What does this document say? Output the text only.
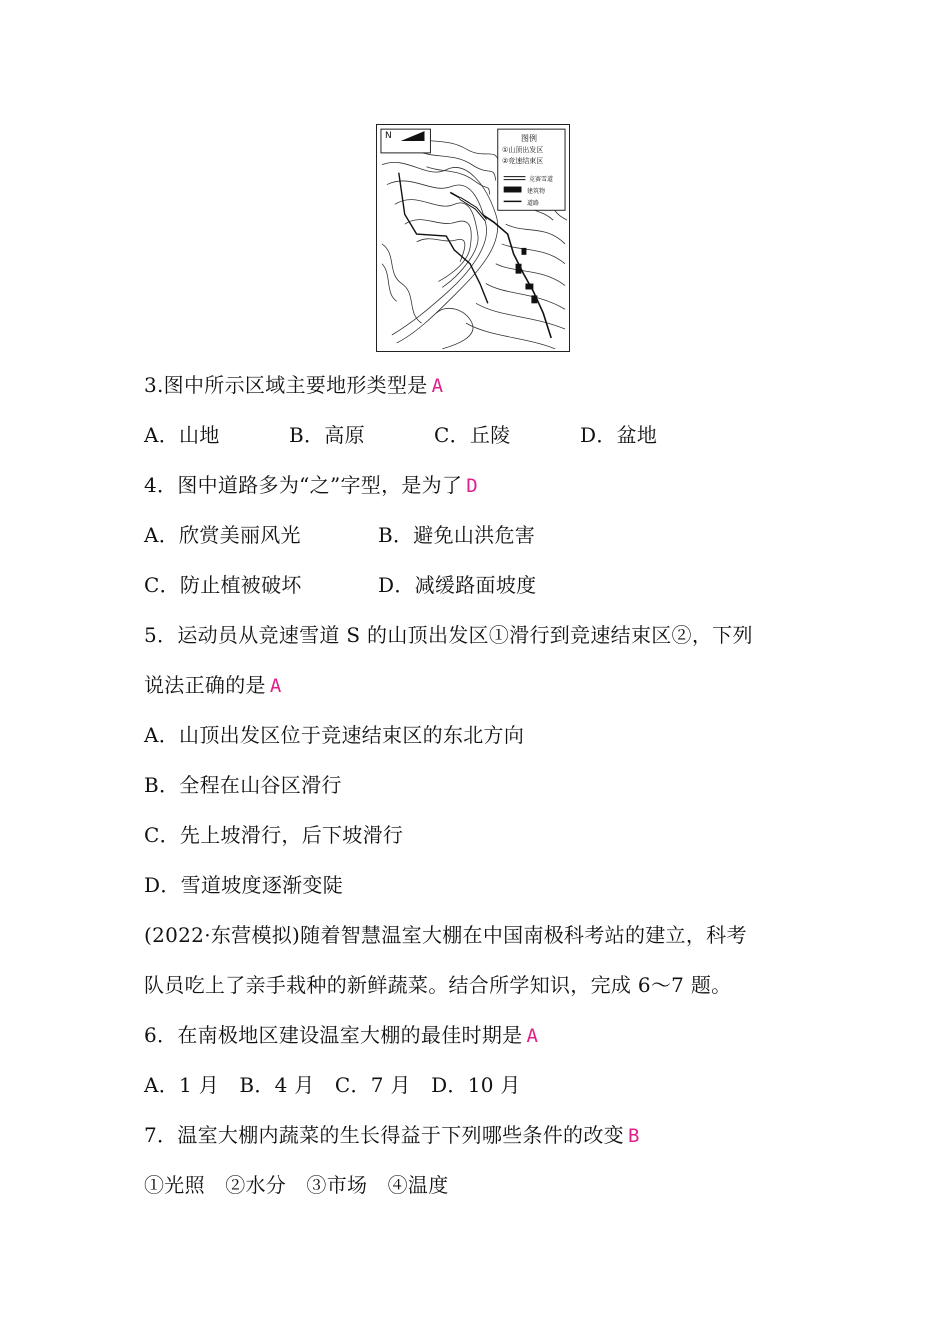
N	图例
①山顶出发区
②竞速结束区
竞赛雪道
建筑物
道路
3.图中所示区域主要地形类型是 A
A．山地	B．高原	C．丘陵	D．盆地
4．图中道路多为“之”字型，是为了 D
A．欣赏美丽风光	B．避免山洪危害
C．防止植被破坏	D．减缓路面坡度
5．运动员从竞速雪道 S 的山顶出发区①滑行到竞速结束区②，下列
说法正确的是 A
A．山顶出发区位于竞速结束区的东北方向
B．全程在山谷区滑行
C．先上坡滑行，后下坡滑行
D．雪道坡度逐渐变陡
(2022·东营模拟)随着智慧温室大棚在中国南极科考站的建立，科考
队员吃上了亲手栽种的新鲜蔬菜。结合所学知识，完成 6～7 题。
6．在南极地区建设温室大棚的最佳时期是 A
A．1 月　B．4 月　C．7 月　D．10 月
7．温室大棚内蔬菜的生长得益于下列哪些条件的改变 B
①光照　②水分　③市场　④温度
